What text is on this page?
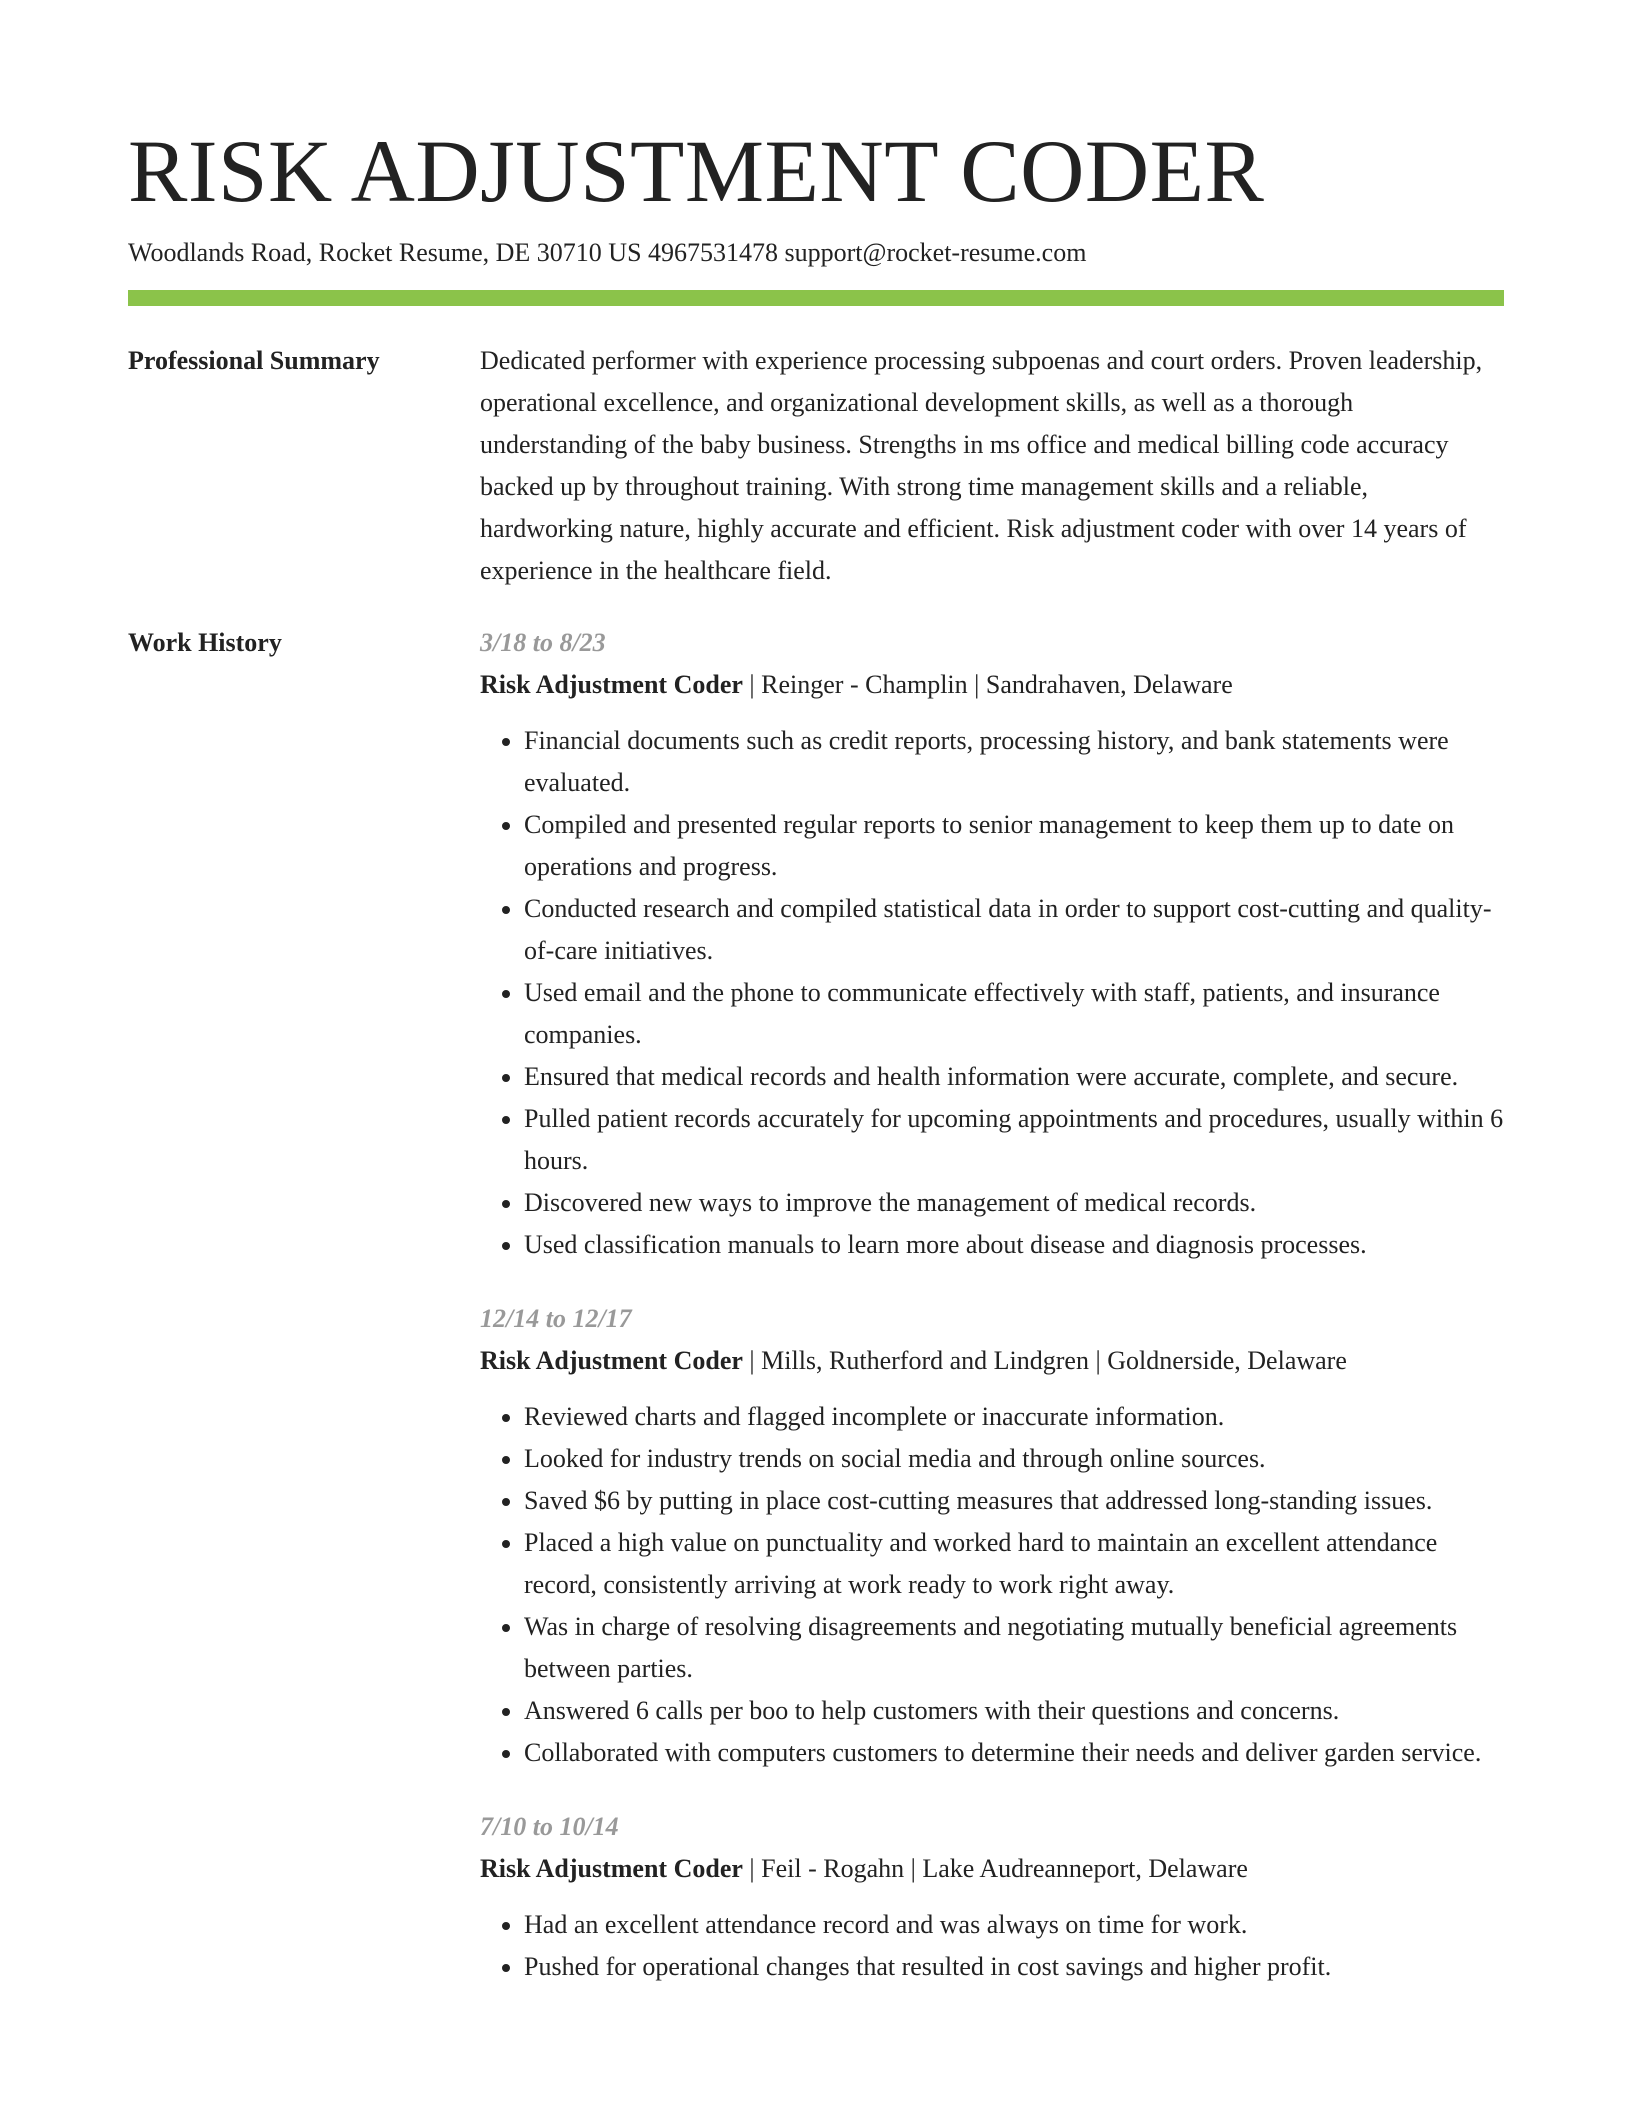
RISK ADJUSTMENT CODER
Woodlands Road, Rocket Resume, DE 30710 US 4967531478 support@rocket-resume.com
Professional Summary	Dedicated performer with experience processing subpoenas and court orders. Proven leadership, operational excellence, and organizational development skills, as well as a thorough understanding of the baby business. Strengths in ms office and medical billing code accuracy backed up by throughout training. With strong time management skills and a reliable, hardworking nature, highly accurate and efficient. Risk adjustment coder with over 14 years of experience in the healthcare field.

Work History	3/18 to 8/23
Risk Adjustment Coder | Reinger - Champlin | Sandrahaven, Delaware
• Financial documents such as credit reports, processing history, and bank statements were evaluated.
• Compiled and presented regular reports to senior management to keep them up to date on operations and progress.
• Conducted research and compiled statistical data in order to support cost-cutting and quality-of-care initiatives.
• Used email and the phone to communicate effectively with staff, patients, and insurance companies.
• Ensured that medical records and health information were accurate, complete, and secure.
• Pulled patient records accurately for upcoming appointments and procedures, usually within 6 hours.
• Discovered new ways to improve the management of medical records.
• Used classification manuals to learn more about disease and diagnosis processes.
12/14 to 12/17
Risk Adjustment Coder | Mills, Rutherford and Lindgren | Goldnerside, Delaware
• Reviewed charts and flagged incomplete or inaccurate information.
• Looked for industry trends on social media and through online sources.
• Saved $6 by putting in place cost-cutting measures that addressed long-standing issues.
• Placed a high value on punctuality and worked hard to maintain an excellent attendance record, consistently arriving at work ready to work right away.
• Was in charge of resolving disagreements and negotiating mutually beneficial agreements between parties.
• Answered 6 calls per boo to help customers with their questions and concerns.
• Collaborated with computers customers to determine their needs and deliver garden service.
7/10 to 10/14
Risk Adjustment Coder | Feil - Rogahn | Lake Audreanneport, Delaware
• Had an excellent attendance record and was always on time for work.
• Pushed for operational changes that resulted in cost savings and higher profit.
